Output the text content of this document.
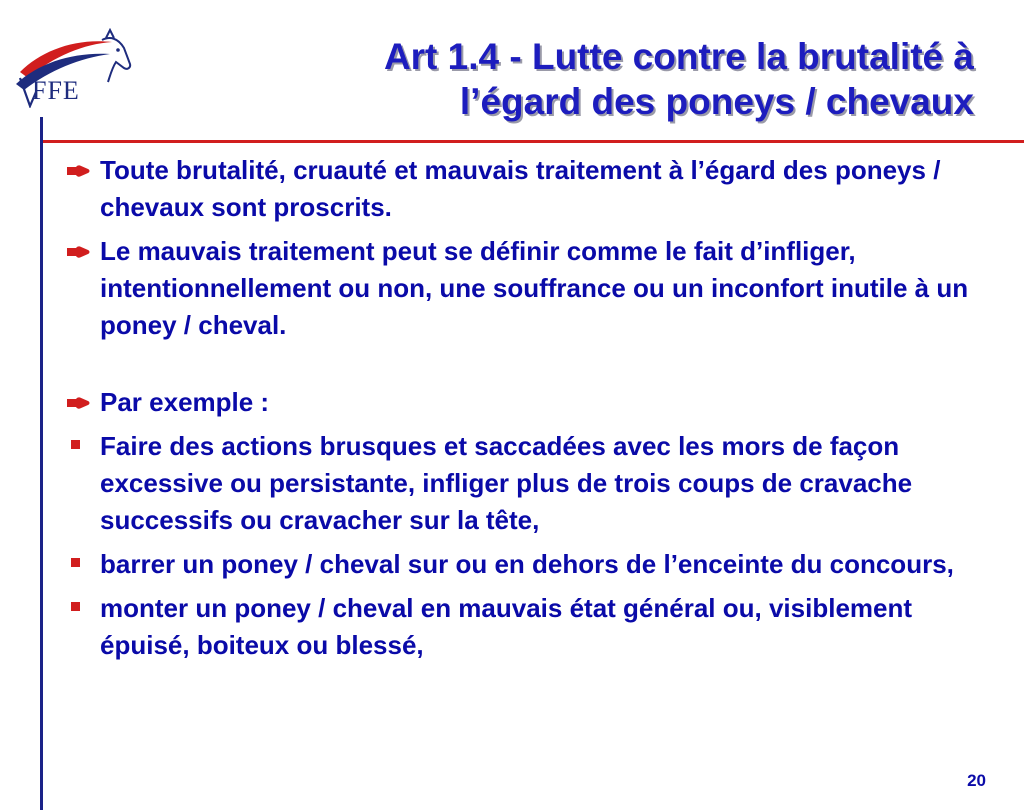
FFE
Art 1.4 - Lutte contre la brutalité à
l’égard des poneys / chevaux
Toute brutalité, cruauté et mauvais traitement à l’égard des poneys / chevaux sont proscrits.
Le mauvais traitement peut se définir comme le fait d’infliger, intentionnellement ou non, une souffrance ou un inconfort inutile à un poney / cheval.
Par exemple :
Faire des actions brusques et saccadées avec les mors de façon excessive ou persistante, infliger plus de trois coups de cravache successifs ou cravacher sur la tête,
barrer un poney / cheval sur ou en dehors de l’enceinte du concours,
monter un poney / cheval en mauvais état général ou, visiblement épuisé, boiteux ou blessé,
20
